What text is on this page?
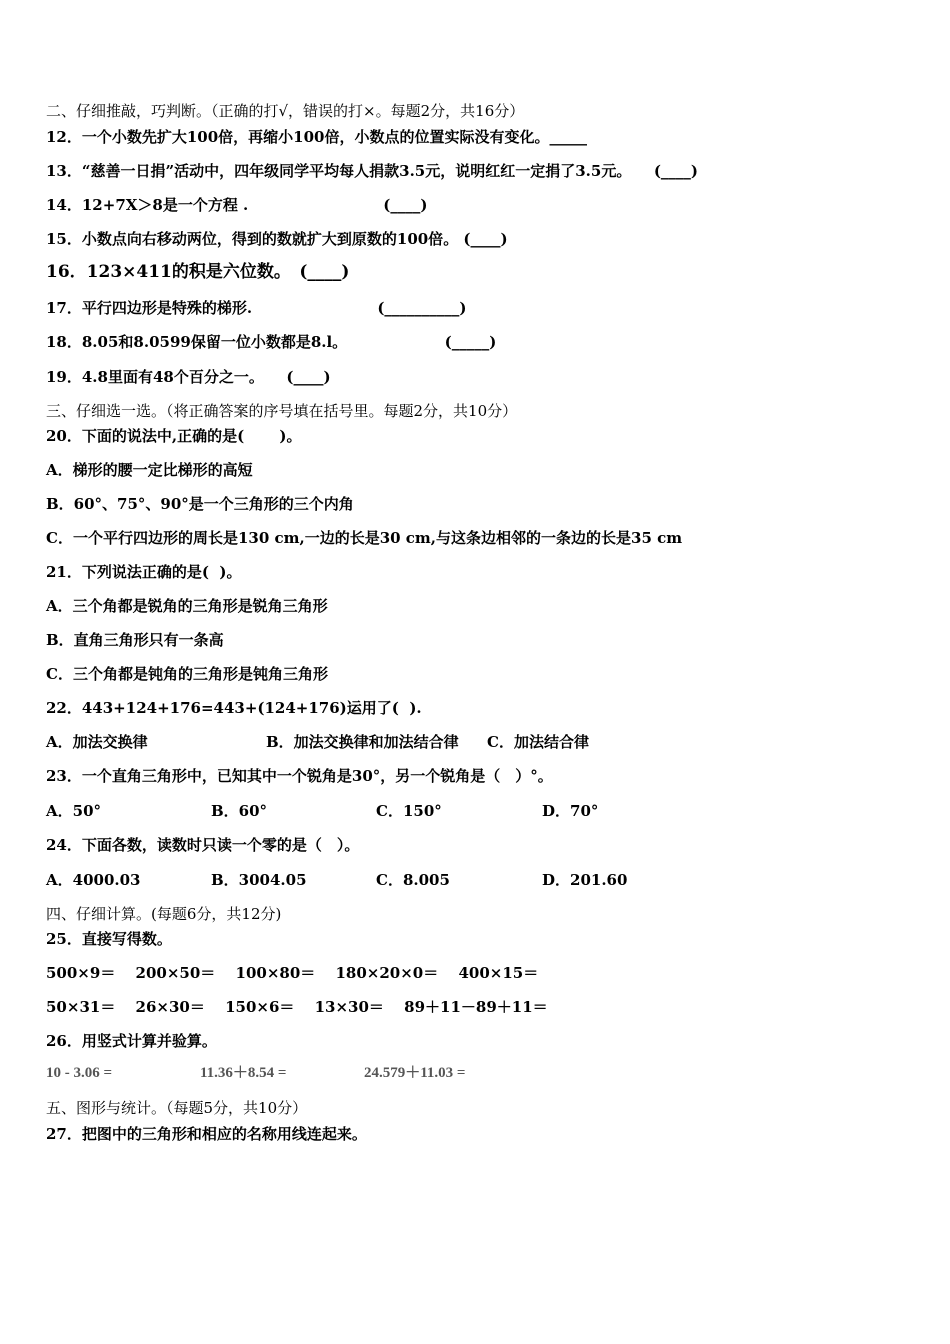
二、仔细推敲，巧判断。（正确的打√，错误的打×。每题2分，共16分）
12．一个小数先扩大100倍，再缩小100倍，小数点的位置实际没有变化。_____
13．“慈善一日捐”活动中，四年级同学平均每人捐款3.5元，说明红红一定捐了3.5元。　　(____)
14．12+7X＞8是一个方程 .　　　　　　　　　(____)
15．小数点向右移动两位，得到的数就扩大到原数的100倍。 (____)
16．123×411的积是六位数。　(____)
17．平行四边形是特殊的梯形.　　　　　　　　 (__________)
18．8.05和8.0599保留一位小数都是8.l。　　　　　　　(_____)
19．4.8里面有48个百分之一。　　(____)
三、仔细选一选。（将正确答案的序号填在括号里。每题2分，共10分）
20．下面的说法中,正确的是(　　 )。
A．梯形的腰一定比梯形的高短
B．60°、75°、90°是一个三角形的三个内角
C．一个平行四边形的周长是130 cm,一边的长是30 cm,与这条边相邻的一条边的长是35 cm
21．下列说法正确的是(  )。
A．三个角都是锐角的三角形是锐角三角形
B．直角三角形只有一条高
C．三个角都是钝角的三角形是钝角三角形
22．443+124+176=443+(124+176)运用了(  ).
A．加法交换律	B．加法交换律和加法结合律 C．加法结合律
23．一个直角三角形中，已知其中一个锐角是30°，另一个锐角是（　）°。
A．50°	B．60°	C．150°	D．70°
24．下面各数，读数时只读一个零的是（　）。
A．4000.03	B．3004.05	C．8.005	D．201.60
四、仔细计算。(每题6分，共12分)
25．直接写得数。
500×9＝　 200×50＝　 100×80＝　 180×20×0＝　 400×15＝
50×31＝　 26×30＝　 150×6＝　 13×30＝　 89＋11－89＋11＝
26．用竖式计算并验算。
10 - 3.06 =	11.36＋8.54 =	24.579＋11.03 =
五、图形与统计。（每题5分，共10分）
27．把图中的三角形和相应的名称用线连起来。
